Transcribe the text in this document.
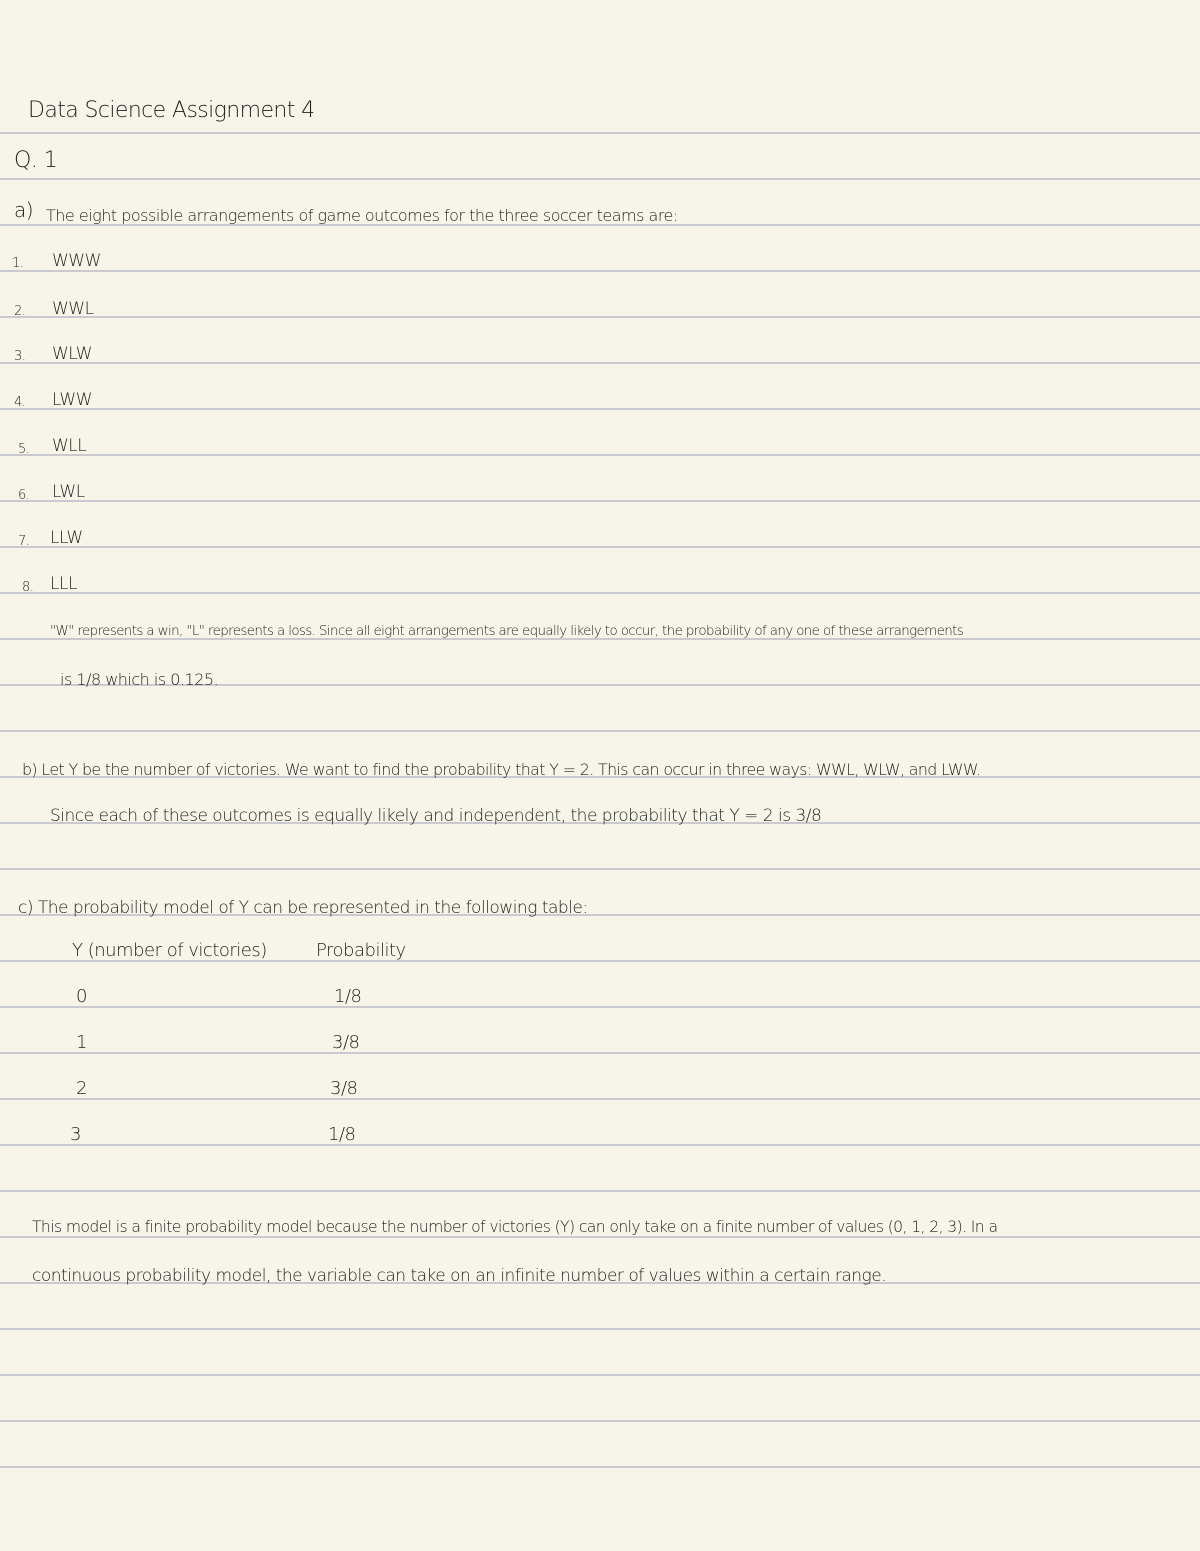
Data Science Assignment 4
Q. 1
a) The eight possible arrangements of game outcomes for the three soccer teams are:
1. WWW
2. WWL
3. WLW
4. LWW
5. WLL
6. LWL
7. LLW
8. LLL
"W" represents a win, "L" represents a loss. Since all eight arrangements are equally likely to occur, the probability of any one of these arrangements
is 1/8 which is 0.125.
b) Let Y be the number of victories. We want to find the probability that Y = 2. This can occur in three ways: WWL, WLW, and LWW.
Since each of these outcomes is equally likely and independent, the probability that Y = 2 is 3/8
c) The probability model of Y can be represented in the following table:
Y (number of victories)	Probability
0	1/8
1	3/8
2	3/8
3	1/8
This model is a finite probability model because the number of victories (Y) can only take on a finite number of values (0, 1, 2, 3). In a
continuous probability model, the variable can take on an infinite number of values within a certain range.
